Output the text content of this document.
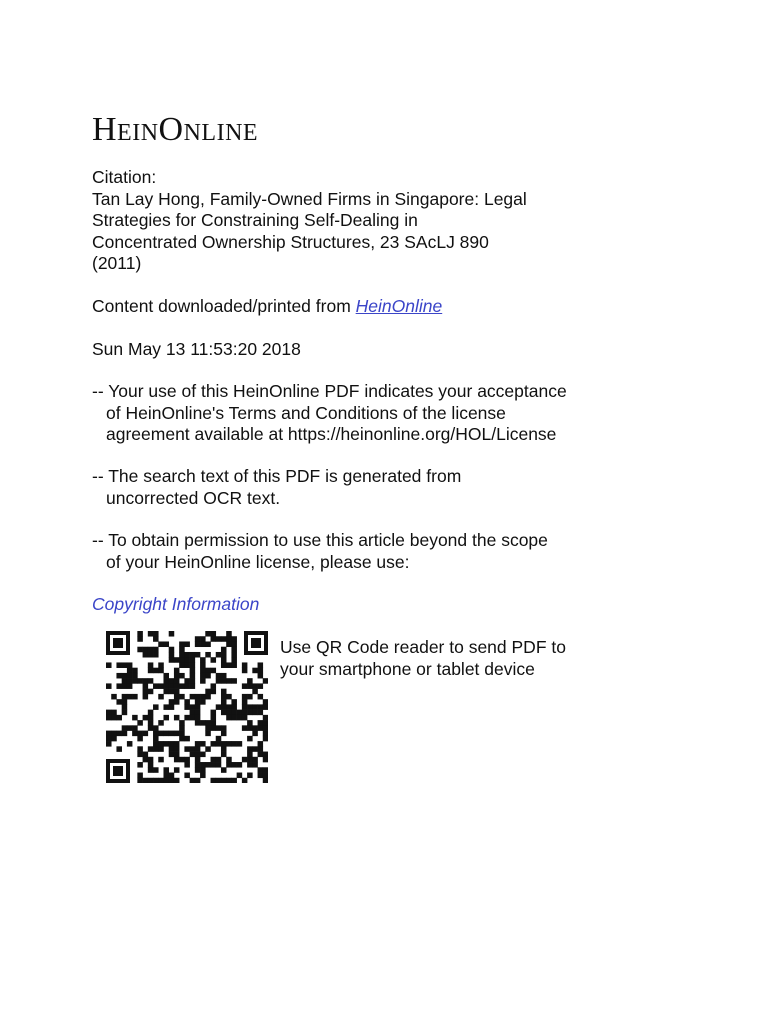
HeinOnline
Citation:
Tan Lay Hong, Family-Owned Firms in Singapore: Legal
Strategies for Constraining Self-Dealing in
Concentrated Ownership Structures, 23 SAcLJ 890
(2011)
Content downloaded/printed from HeinOnline
Sun May 13 11:53:20 2018
-- Your use of this HeinOnline PDF indicates your acceptance
of HeinOnline's Terms and Conditions of the license
agreement available at https://heinonline.org/HOL/License
-- The search text of this PDF is generated from
uncorrected OCR text.
-- To obtain permission to use this article beyond the scope
of your HeinOnline license, please use:
Copyright Information
Use QR Code reader to send PDF to
your smartphone or tablet device
